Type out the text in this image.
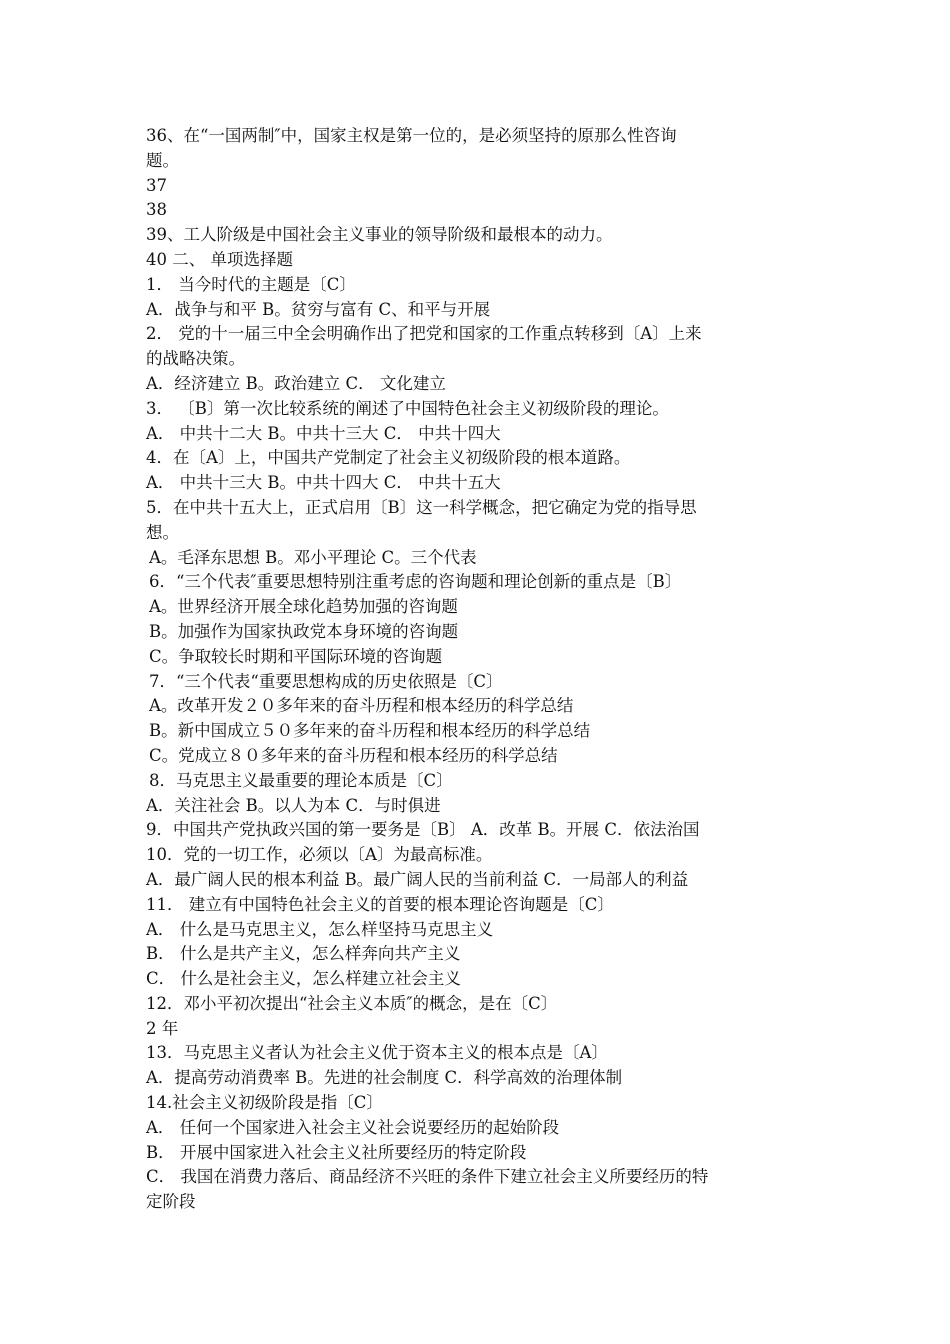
36、在“一国两制″中，国家主权是第一位的，是必须坚持的原那么性咨询
题。
37
38
39、工人阶级是中国社会主义事业的领导阶级和最根本的动力。
40 二、 单项选择题
1． 当今时代的主题是〔C〕
A．战争与和平 B。贫穷与富有 C、和平与开展
2． 党的十一届三中全会明确作出了把党和国家的工作重点转移到〔A〕上来
的战略决策。
A．经济建立 B。政治建立 C． 文化建立
3． 〔B〕第一次比较系统的阐述了中国特色社会主义初级阶段的理论。
A． 中共十二大 B。中共十三大 C． 中共十四大
4．在〔A〕上，中国共产党制定了社会主义初级阶段的根本道路。
A． 中共十三大 B。中共十四大 C． 中共十五大
5．在中共十五大上，正式启用〔B〕这一科学概念，把它确定为党的指导思
想。
A。毛泽东思想 B。邓小平理论 C。三个代表
6．“三个代表″重要思想特别注重考虑的咨询题和理论创新的重点是〔B〕
A。世界经济开展全球化趋势加强的咨询题
B。加强作为国家执政党本身环境的咨询题
C。争取较长时期和平国际环境的咨询题
7．“三个代表“重要思想构成的历史依照是〔C〕
A。改革开发２０多年来的奋斗历程和根本经历的科学总结
B。新中国成立５０多年来的奋斗历程和根本经历的科学总结
C。党成立８０多年来的奋斗历程和根本经历的科学总结
8．马克思主义最重要的理论本质是〔C〕
A．关注社会 B。以人为本 C．与时俱进
9．中国共产党执政兴国的第一要务是〔B〕 A．改革 B。开展 C．依法治国
10．党的一切工作，必须以〔A〕为最高标准。
A．最广阔人民的根本利益 B。最广阔人民的当前利益 C．一局部人的利益
11． 建立有中国特色社会主义的首要的根本理论咨询题是〔C〕
A． 什么是马克思主义，怎么样坚持马克思主义
B． 什么是共产主义，怎么样奔向共产主义
C． 什么是社会主义，怎么样建立社会主义
12．邓小平初次提出“社会主义本质″的概念，是在〔C〕
2 年
13．马克思主义者认为社会主义优于资本主义的根本点是〔A〕
A．提高劳动消费率 B。先进的社会制度 C．科学高效的治理体制
14.社会主义初级阶段是指〔C〕
A． 任何一个国家进入社会主义社会说要经历的起始阶段
B． 开展中国家进入社会主义社所要经历的特定阶段
C． 我国在消费力落后、商品经济不兴旺的条件下建立社会主义所要经历的特
定阶段
